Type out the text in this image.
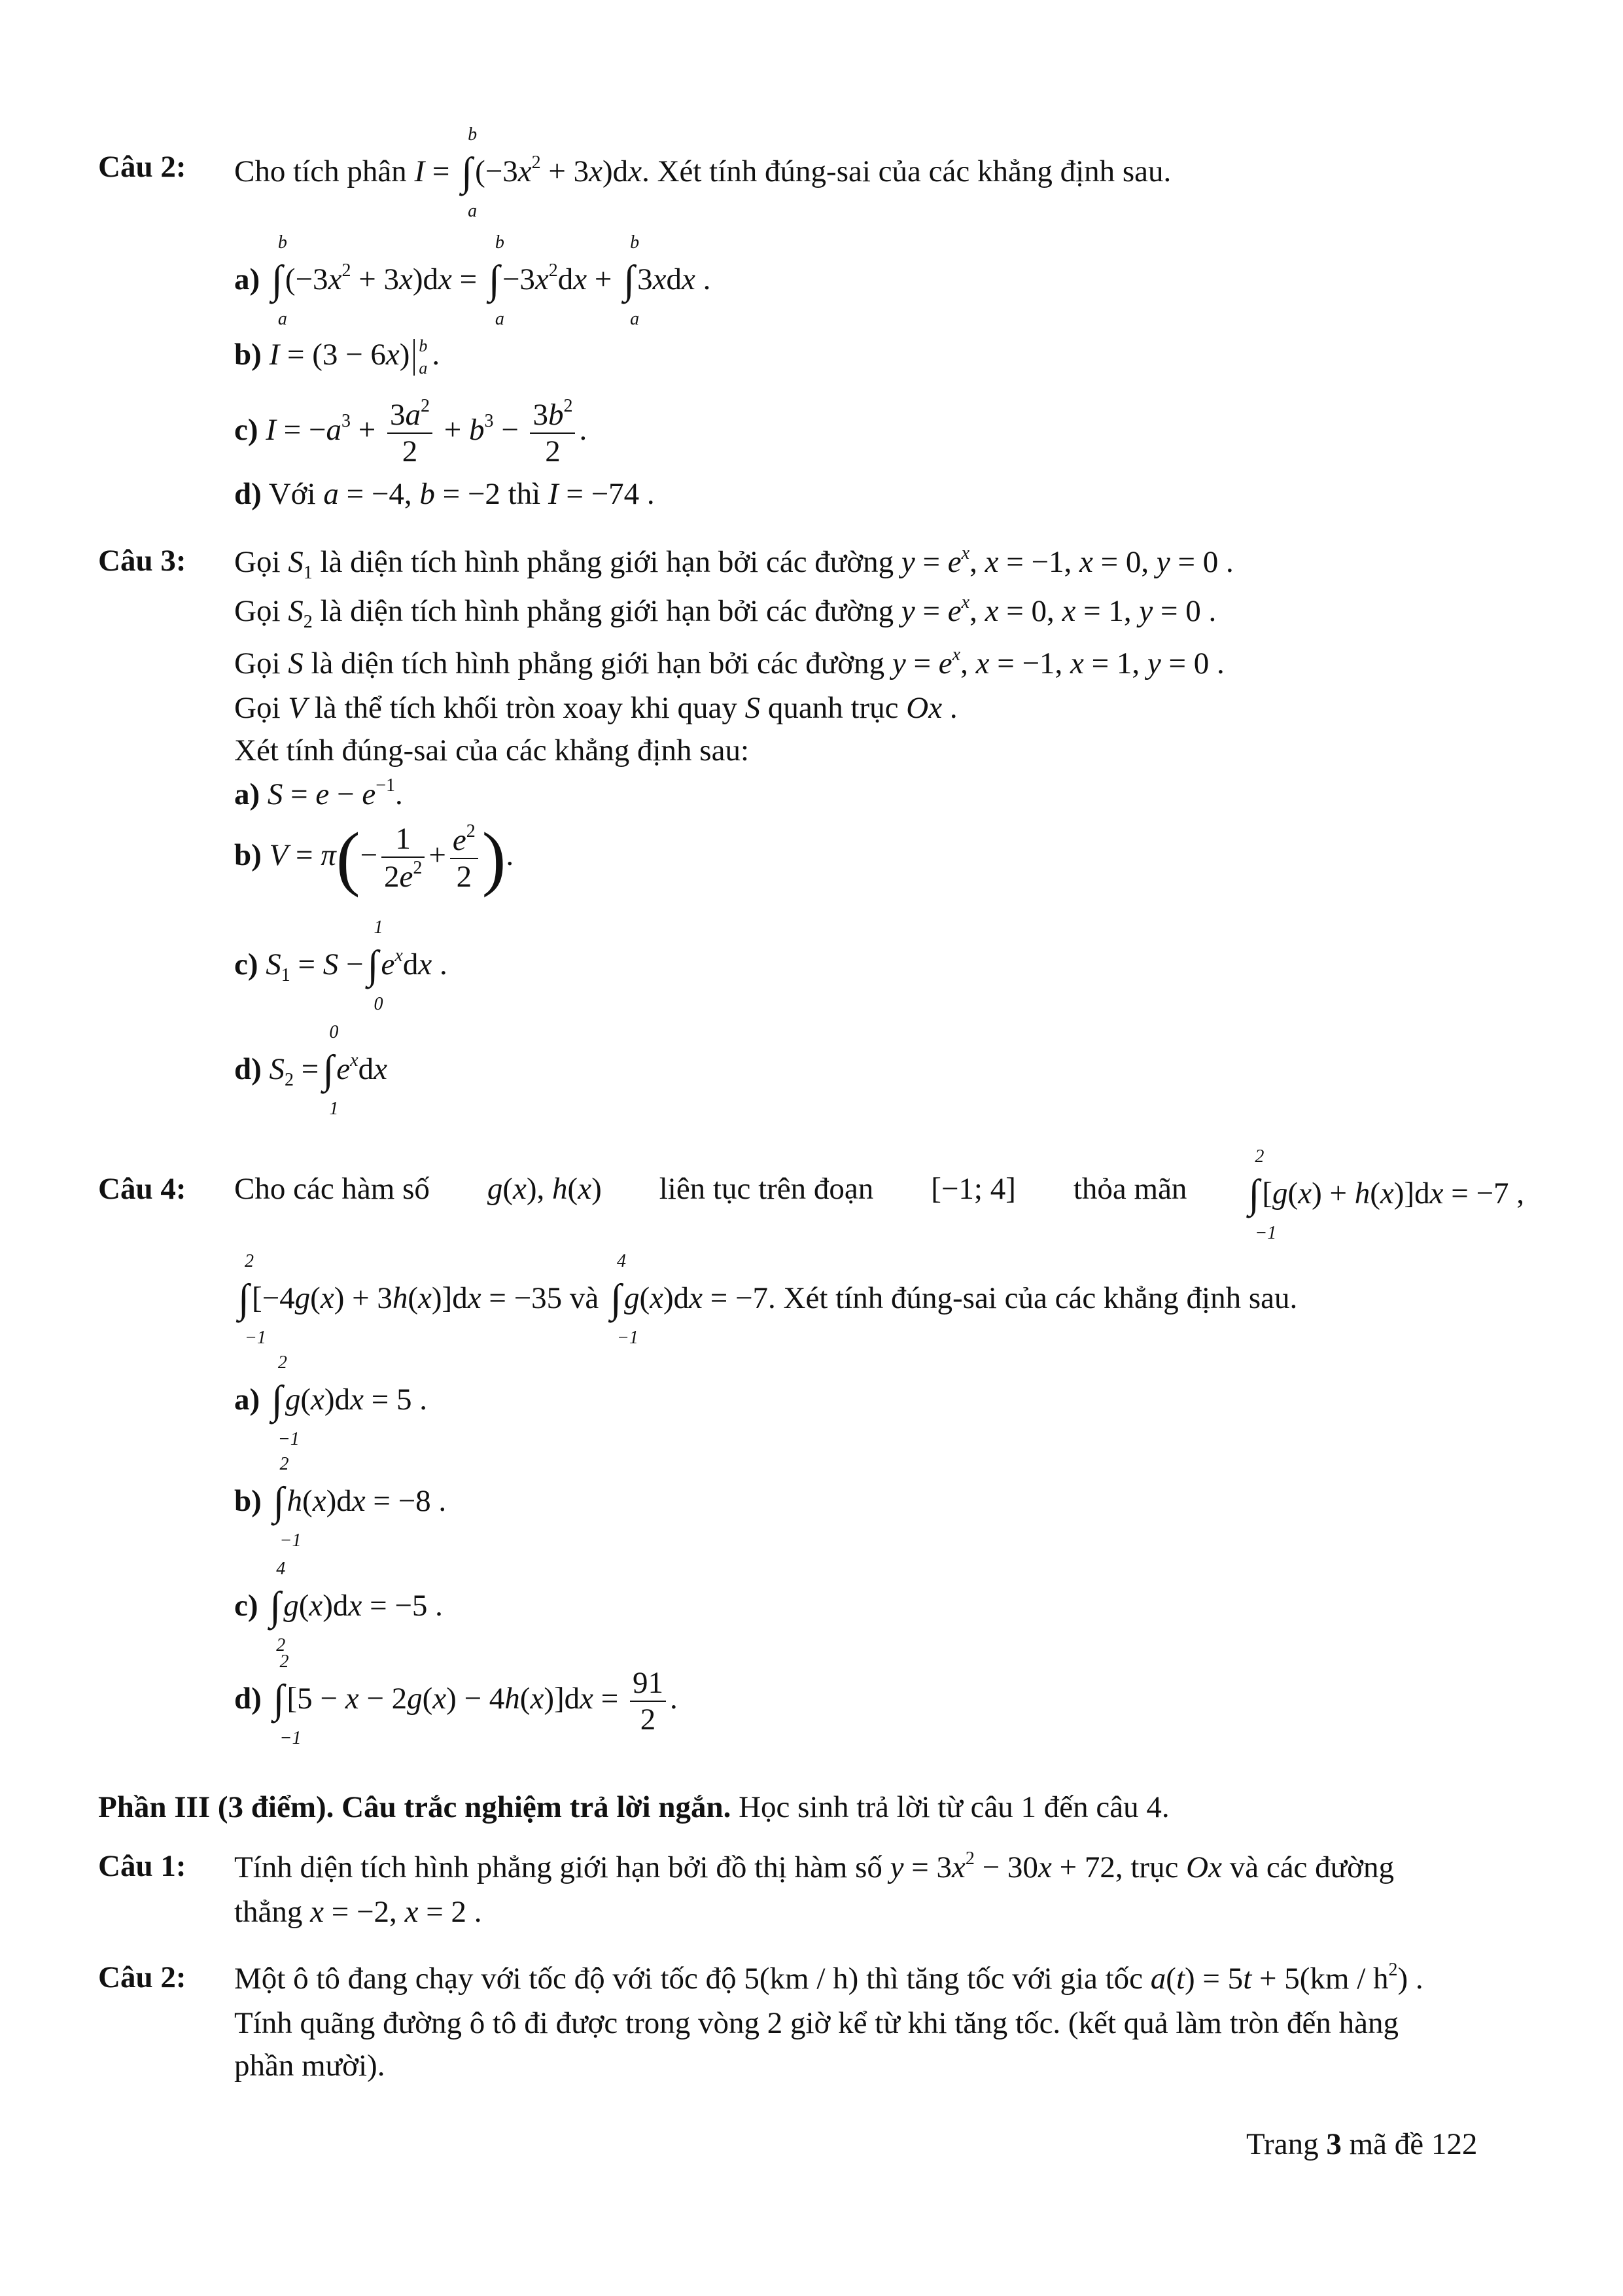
Câu 2: Cho tích phân I = ∫
b
a
$(-3x^2 + 3x)dx$. Xét tính đúng-sai của các khẳng định sau.
a) ∫
b
a
$(-3x^2 + 3x)dx$ = ∫
b
a
$-3x^2dx$ + ∫
b
a
3xdx .
b) I = (3 − 6x) b
a .
c) $I = -a^3 + \frac{3a^2}{2} + b^3 - \frac{3b^2}{2}$ .
d) Với a = −4, b = −2 thì I = −74 .
Câu 3: Gọi $S_1$ là diện tích hình phẳng giới hạn bởi các đường $y = e^x$, x = −1, x = 0, y = 0 .
Gọi $S_2$ là diện tích hình phẳng giới hạn bởi các đường $y = e^x$, x = 0, x = 1, y = 0 .
Gọi S là diện tích hình phẳng giới hạn bởi các đường $y = e^x$, x = −1, x = 1, y = 0 .
Gọi V là thể tích khối tròn xoay khi quay S quanh trục Ox .
Xét tính đúng-sai của các khẳng định sau:
a) $S = e - e^{-1}$.
b) $V = \pi(- \frac{1}{2e^2} + \frac{e^2}{2}$ ).
c) $S_1 = S$ −∫
1
0
$e^xdx$ .
d) $S_2$ =∫
0
1
$e^xdx$
Câu 4: Cho các hàm số g(x), h(x) liên tục trên đoạn [−1; 4] thỏa mãn ∫
2
−1
[g(x) + h(x)]dx = −7 ,
∫
2
−1
[−4g(x) + 3h(x)]dx = −35 và ∫
4
−1
g(x)dx = −7. Xét tính đúng-sai của các khẳng định sau.
a) ∫
2
−1
g(x)dx = 5 .
b) ∫
2
−1
h(x)dx = −8 .
c) ∫
4
2
g(x)dx = −5 .
d) ∫
2
−1
$[5 - x - 2g(x) - 4h(x)]dx = \frac{91}{2}$ .
Phần III (3 điểm). Câu trắc nghiệm trả lời ngắn. Học sinh trả lời từ câu 1 đến câu 4.
Câu 1: Tính diện tích hình phẳng giới hạn bởi đồ thị hàm số $y = 3x^2 - 30x + 72$, trục Ox và các đường
thẳng x = −2, x = 2 .
Câu 2: Một ô tô đang chạy với tốc độ với tốc độ 5(km / h) thì tăng tốc với gia tốc $a(t) = 5t + 5(km / h^2)$ .
Tính quãng đường ô tô đi được trong vòng 2 giờ kể từ khi tăng tốc. (kết quả làm tròn đến hàng
phần mười).
Trang 3 mã đề 122
